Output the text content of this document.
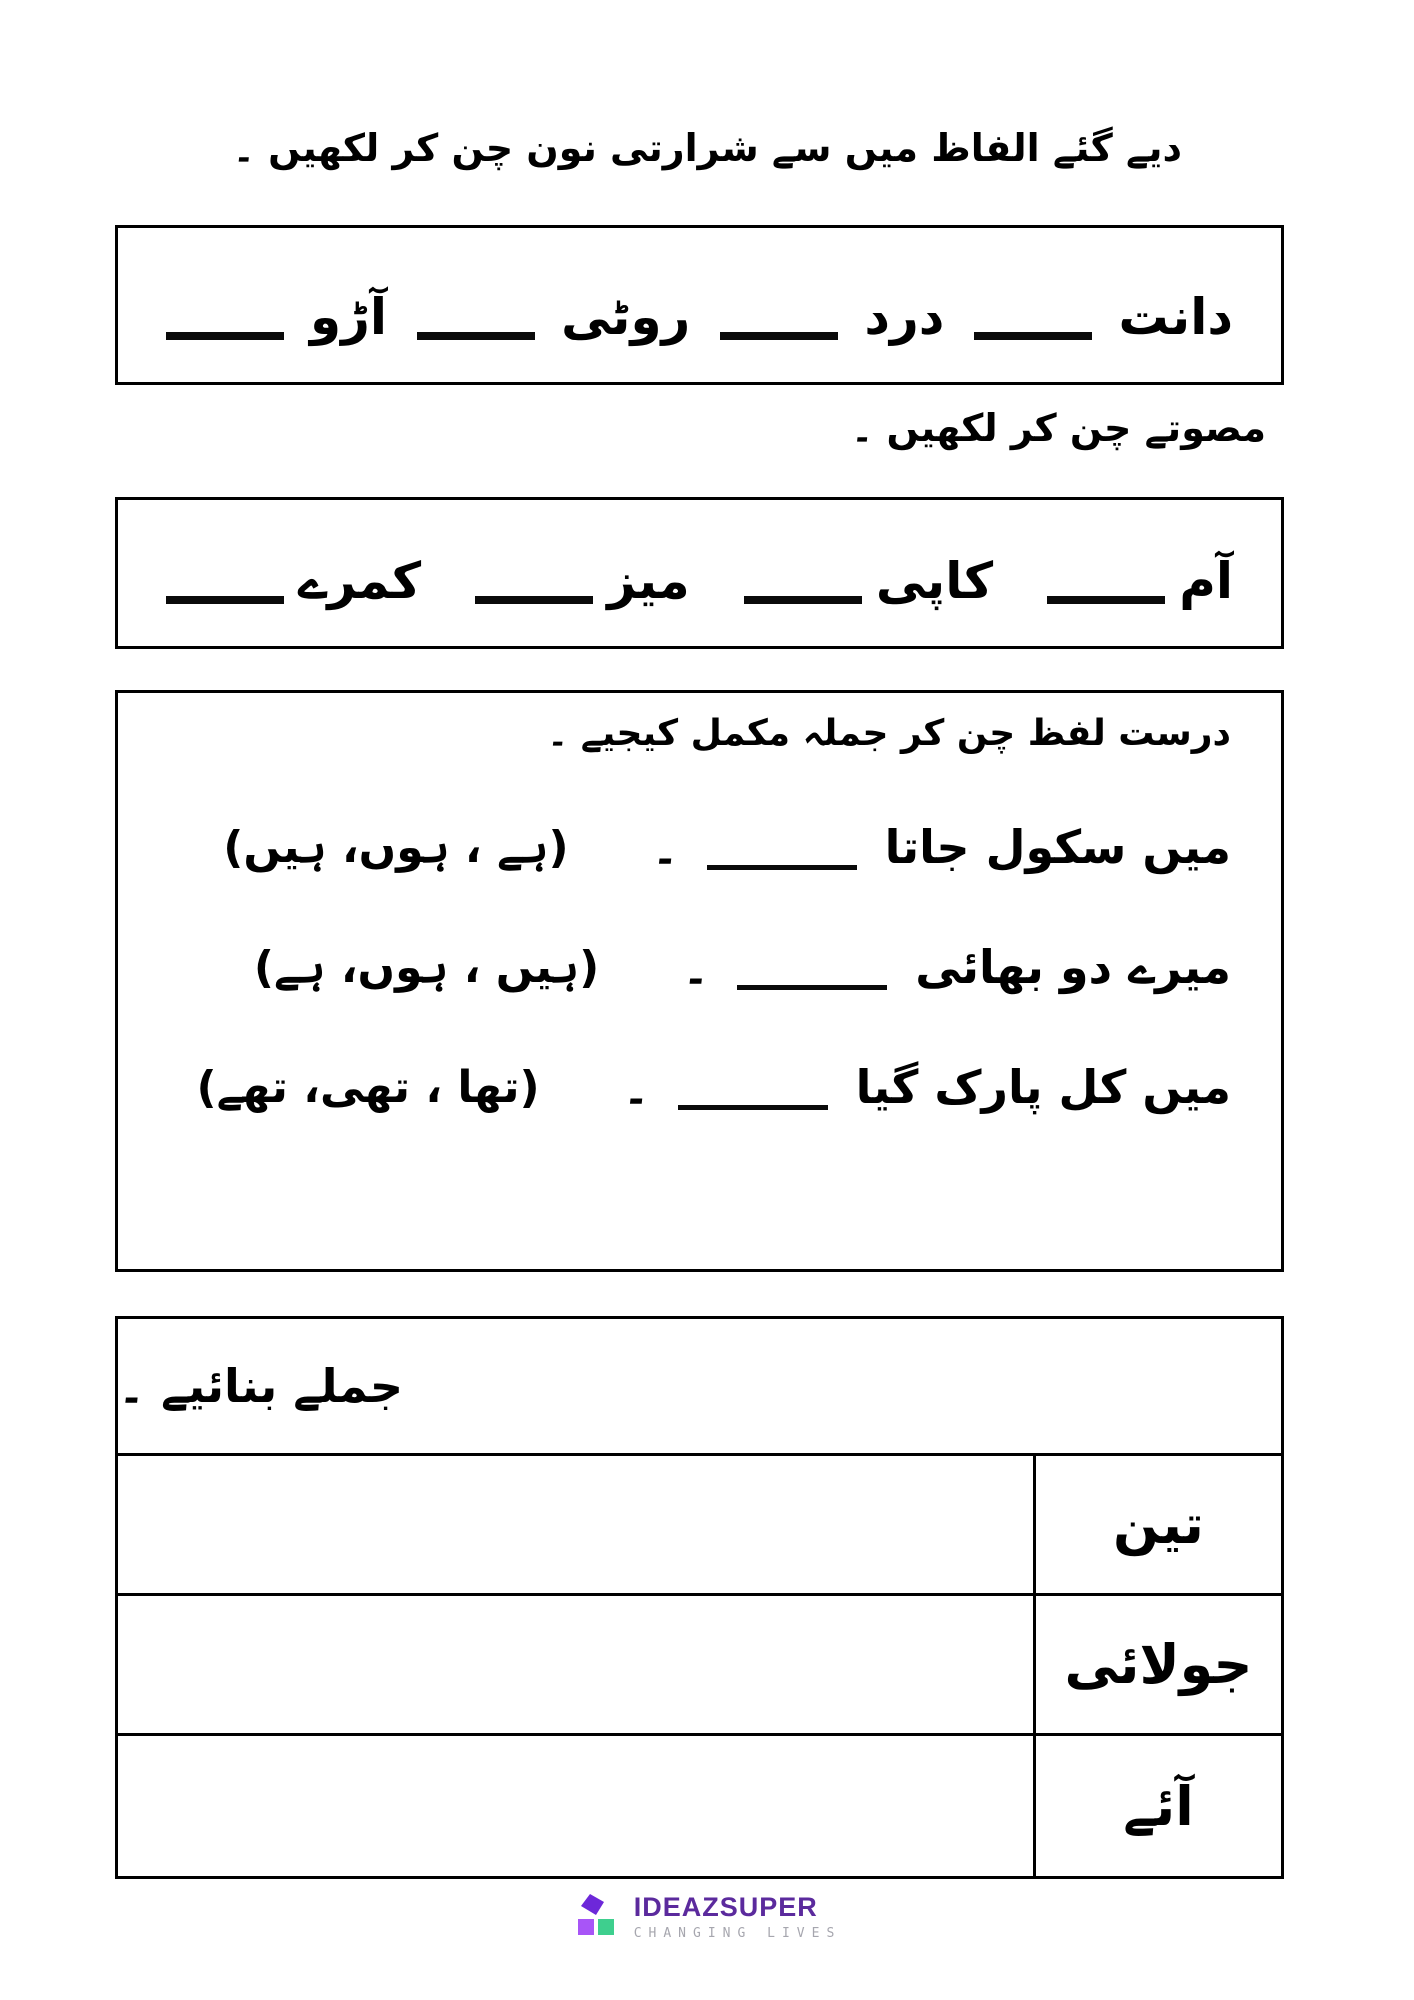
دیے گئے الفاظ میں سے شرارتی نون چن کر لکھیں ۔
دانت
درد
روٹی
آڑو
مصوتے چن کر لکھیں ۔
آم
کاپی
میز
کمرے
درست لفظ چن کر جملہ مکمل کیجیے ۔
میں سکول جاتا
۔
(ہے ، ہوں، ہیں)
میرے دو بھائی
۔
(ہیں ، ہوں، ہے)
میں کل پارک گیا
۔
(تھا ، تھی، تھے)
جملے بنائیے ۔
تین
جولائی
آئے
IDEAZSUPER
CHANGING LIVES
